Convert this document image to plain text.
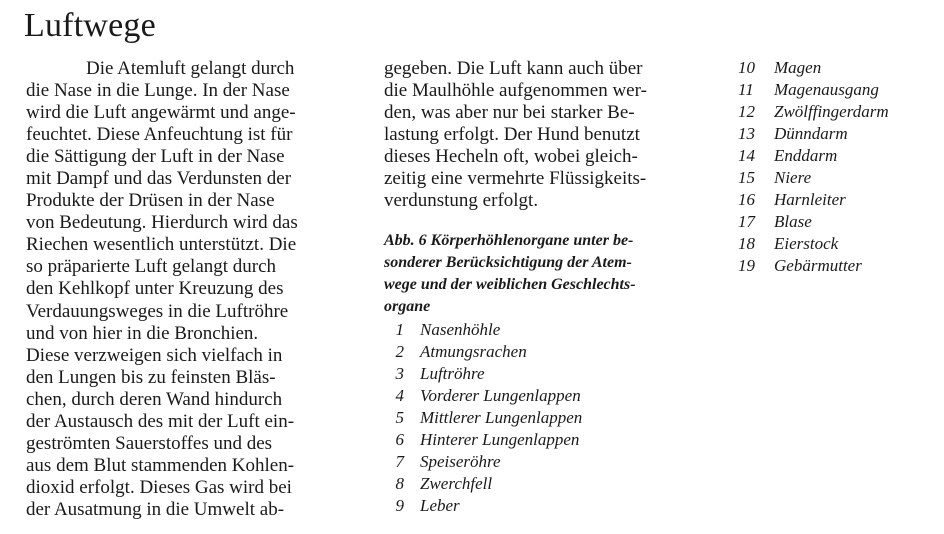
Luftwege
Die Atemluft gelangt durch
die Nase in die Lunge. In der Nase
wird die Luft angewärmt und ange-
feuchtet. Diese Anfeuchtung ist für
die Sättigung der Luft in der Nase
mit Dampf und das Verdunsten der
Produkte der Drüsen in der Nase
von Bedeutung. Hierdurch wird das
Riechen wesentlich unterstützt. Die
so präparierte Luft gelangt durch
den Kehlkopf unter Kreuzung des
Verdauungsweges in die Luftröhre
und von hier in die Bronchien.
Diese verzweigen sich vielfach in
den Lungen bis zu feinsten Bläs-
chen, durch deren Wand hindurch
der Austausch des mit der Luft ein-
geströmten Sauerstoffes und des
aus dem Blut stammenden Kohlen-
dioxid erfolgt. Dieses Gas wird bei
der Ausatmung in die Umwelt ab-
gegeben. Die Luft kann auch über
die Maulhöhle aufgenommen wer-
den, was aber nur bei starker Be-
lastung erfolgt. Der Hund benutzt
dieses Hecheln oft, wobei gleich-
zeitig eine vermehrte Flüssigkeits-
verdunstung erfolgt.
Abb. 6 Körperhöhlenorgane unter be-
sonderer Berücksichtigung der Atem-
wege und der weiblichen Geschlechts-
organe
1 Nasenhöhle
2 Atmungsrachen
3 Luftröhre
4 Vorderer Lungenlappen
5 Mittlerer Lungenlappen
6 Hinterer Lungenlappen
7 Speiseröhre
8 Zwerchfell
9 Leber
10 Magen
11 Magenausgang
12 Zwölffingerdarm
13 Dünndarm
14 Enddarm
15 Niere
16 Harnleiter
17 Blase
18 Eierstock
19 Gebärmutter
